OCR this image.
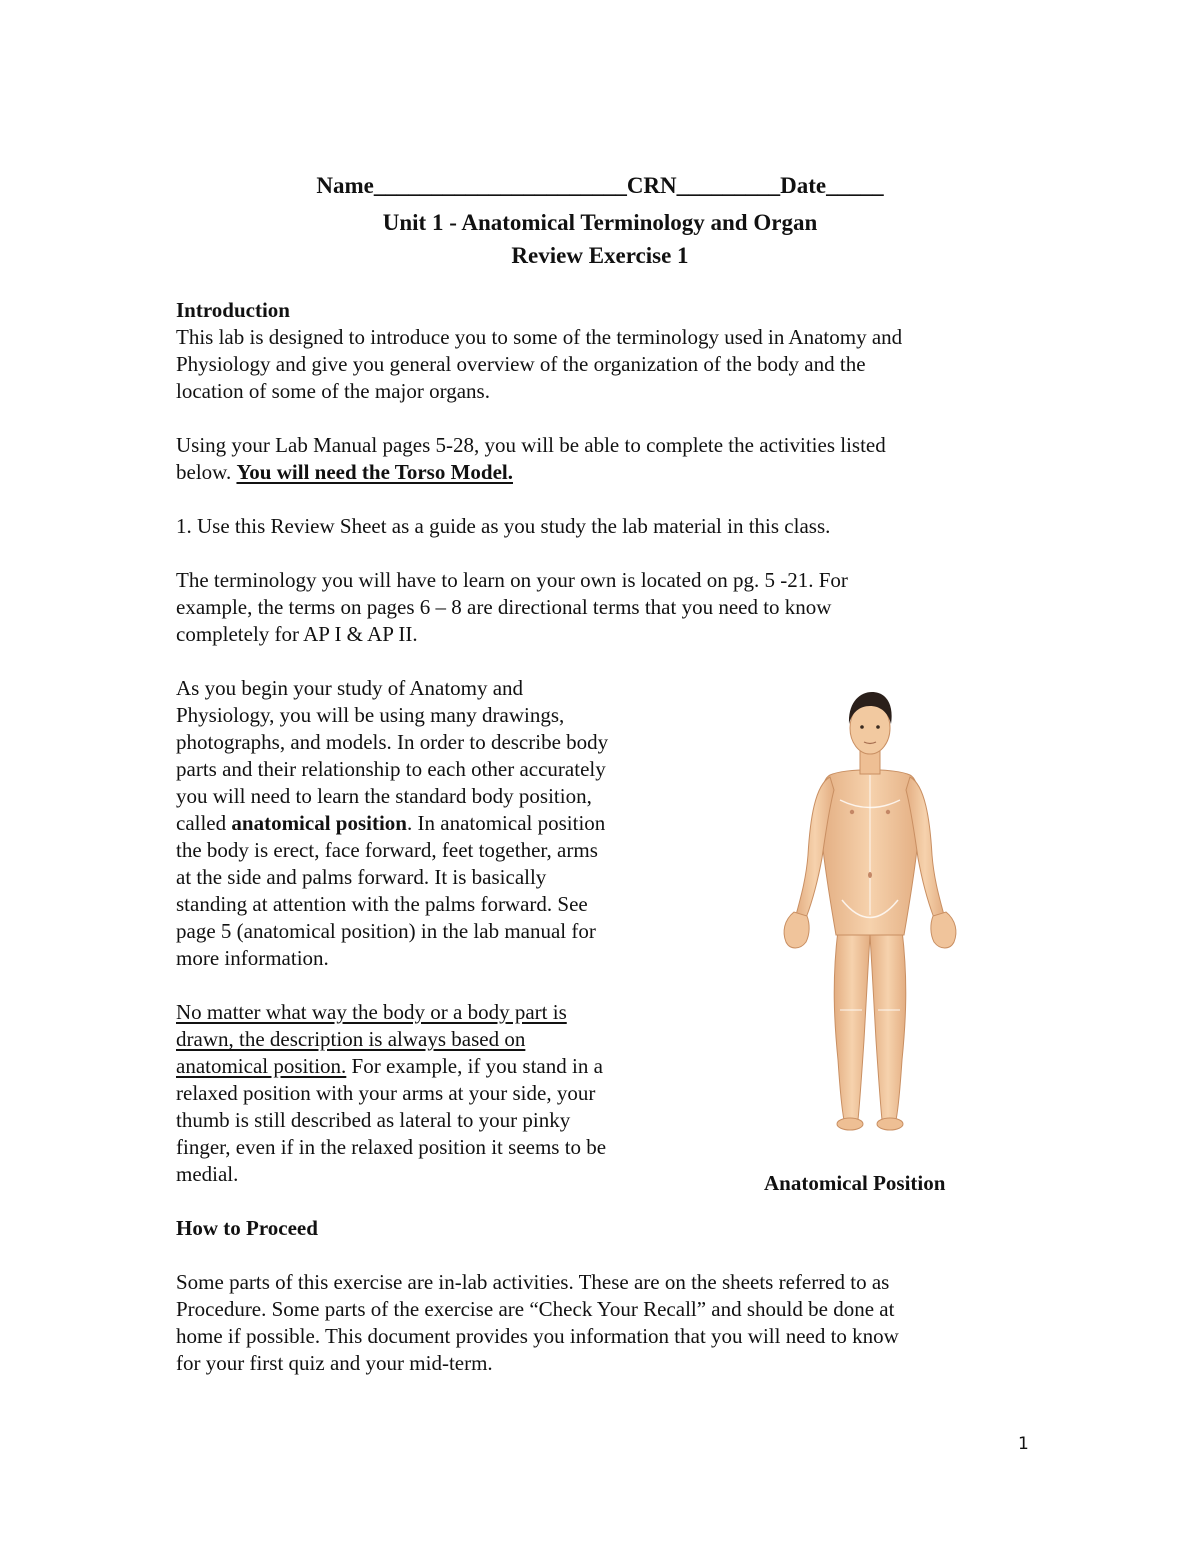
Name______________________CRN_________Date_____
Unit 1 - Anatomical Terminology and Organ
Review Exercise 1
Introduction
This lab is designed to introduce you to some of the terminology used in Anatomy and
Physiology and give you general overview of the organization of the body and the
location of some of the major organs.
Using your Lab Manual pages 5-28, you will be able to complete the activities listed
below. You will need the Torso Model.
1. Use this Review Sheet as a guide as you study the lab material in this class.
The terminology you will have to learn on your own is located on pg. 5 -21. For
example, the terms on pages 6 – 8 are directional terms that you need to know
completely for AP I & AP II.
As you begin your study of Anatomy and
Physiology, you will be using many drawings,
photographs, and models. In order to describe body
parts and their relationship to each other accurately
you will need to learn the standard body position,
called anatomical position. In anatomical position
the body is erect, face forward, feet together, arms
at the side and palms forward. It is basically
standing at attention with the palms forward. See
page 5 (anatomical position) in the lab manual for
more information.
No matter what way the body or a body part is
drawn, the description is always based on
anatomical position. For example, if you stand in a
relaxed position with your arms at your side, your
thumb is still described as lateral to your pinky
finger, even if in the relaxed position it seems to be
medial.	Anatomical Position
How to Proceed
Some parts of this exercise are in-lab activities. These are on the sheets referred to as
Procedure. Some parts of the exercise are “Check Your Recall” and should be done at
home if possible. This document provides you information that you will need to know
for your first quiz and your mid-term.
1
